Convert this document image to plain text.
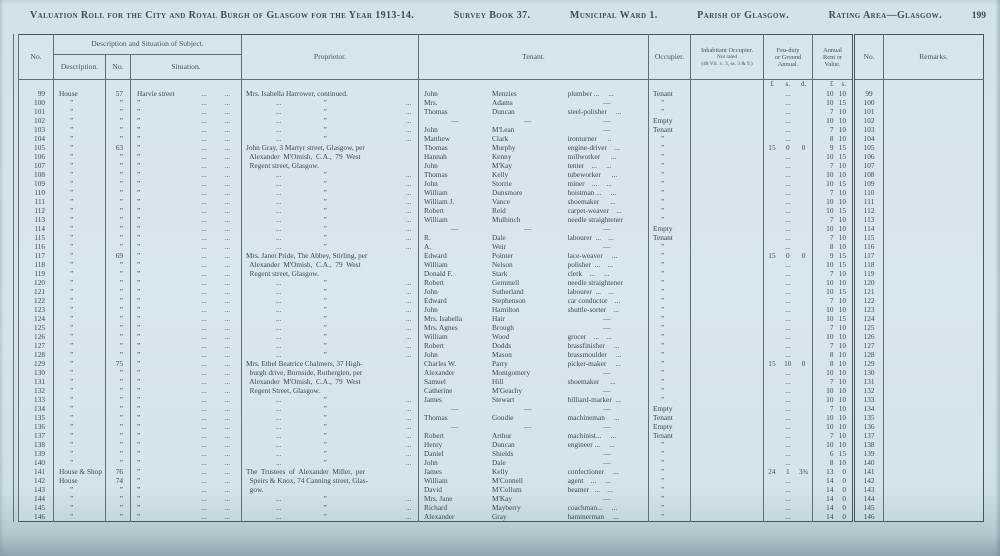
Valuation Roll for the City and Royal Burgh of Glasgow for the Year 1913-14.	Survey Book 37.	Municipal Ward 1.	Parish of Glasgow.	Rating Area—Glasgow.	199
No.	Description and Situation of Subject.			Proprietor.	Tenant.	Occupier.	Inhabitant Occupier.
Not rated
(48 Vic. c. 3, ss. 3 & 9.)	Feu-duty
or Ground
Annual.	Annual
Rent or
Value.	No.	Remarks.
	Description.	No.	Situation.								
								£ s. d.	£ s.		
99	House	57	Harvie street ... ...	Mrs. Isabella Harrower, continued.	John Menzies plumber ...     ...	Tenant		...	10 10	99	
100	”	”	” ... ...	... ” ...	Mrs. Adams —	”		...	10 15	100	
101	”	”	” ... ...	... ” ...	Thomas Duncan steel-polisher     ...	”		...	7 10	101	
102	”	”	” ... ...	... ” ...	— — —	Empty		...	10 10	102	
103	”	”	” ... ...	... ” ...	John M'Lean —	Tenant		...	7 10	103	
104	”	”	” ... ...	... ” ...	Matthew Clark ironturner      ..	”		...	8 10	104	
105	”	63	” ... ...	John Gray, 3 Martyr street, Glasgow, per	Thomas Murphy engine-driver    ...	”		15 0 0	9 15	105	
106	”	”	” ... ...	Alexander  M'Omish,  C.A.,  79  West	Hannah Kenny millworker      ...	”		...	10 15	106	
107	”	”	” ... ...	Regent street, Glasgow.	John M'Kay tenter    ...     ...	”		...	7 10	107	
108	”	”	” ... ...	... ” ...	Thomas Kelly tubeworker      ...	”		...	10 10	108	
109	”	”	” ... ...	... ” ...	John Storrie miner    ...     ...	”		...	10 15	109	
110	”	”	” ... ...	... ” ...	William Dunsmore hoistman ...     ...	”		...	7 10	110	
111	”	”	” ... ...	... ” ...	William J. Vance shoemaker      ...	”		...	10 10	111	
112	”	”	” ... ...	... ” ...	Robert Reid carpet-weaver    ...	”		...	10 15	112	
113	”	”	” ... ...	... ” ...	William Mulhinch needle straightener	”		...	7 10	113	
114	”	”	” ... ...	... ” ...	— — —	Empty		...	10 10	114	
115	”	”	” ... ...	... ” ...	R. Dale labourer  ...    ...	Tenant		...	7 10	115	
116	”	”	” ... ...	... ” ...	A. Weir —	”		...	8 10	116	
117	”	69	” ... ...	Mrs. Janet Pride, The Abbey, Stirling, per	Edward Pointer lace-weaver     ...	”		15 0 0	9 15	117	
118	”	”	” ... ...	Alexander  M'Omish,  C.A.,  79  West	William Nelson polisher  ...    ...	”		...	10 15	118	
119	”	”	” ... ...	Regent street, Glasgow.	Donald F. Stark clerk    ...     ...	”		...	7 10	119	
120	”	”	” ... ...	... ” ...	Robert Gemmell needle straightener	”		...	10 10	120	
121	”	”	” ... ...	... ” ...	John Sutherland labourer  ...    ...	”		...	10 15	121	
122	”	”	” ... ...	... ” ...	Edward Stephenson car conductor    ...	”		...	7 10	122	
123	”	”	” ... ...	... ” ...	John Hamilton shuttle-sorter    ...	”		...	10 10	123	
124	”	”	” ... ...	... ” ...	Mrs. Isabella Hair —	”		...	10 15	124	
125	”	”	” ... ...	... ” ...	Mrs. Agnes Brough —	”		...	7 10	125	
126	”	”	” ... ...	... ” ...	William Wood grocer    ...    ...	”		...	10 10	126	
127	”	”	” ... ...	... ” ...	Robert Dodds brassfinisher     ...	”		...	7 10	127	
128	”	”	” ... ...	... ” ...	John Mason brassmoulder     ...	”		...	8 10	128	
129	”	75	” ... ...	Mrs. Ethel Beatrice Chalmers, 37 High-	Charles W. Parry picker-maker     ...	”		15 10 0	8 10	129	
130	”	”	” ... ...	burgh drive, Burnside, Rutherglen, per	Alexander Montgomery —	”		...	10 10	130	
131	”	”	” ... ...	Alexander  M'Omish,  C.A.,  79  West	Samuel Hill shoemaker      ...	”		...	7 10	131	
132	”	”	” ... ...	Regent Street, Glasgow.	Catherine M'Geachy —	”		...	10 10	132	
133	”	”	” ... ...	... ” ...	James Stewart billiard-marker  ...	”		...	10 10	133	
134	”	”	” ... ...	... ” ...	— — —	Empty		...	7 10	134	
135	”	”	” ... ...	... ” ...	Thomas Goudie machineman     ...	Tenant		...	10 10	135	
136	”	”	” ... ...	... ” ...	— — —	Empty		...	10 10	136	
137	”	”	” ... ...	... ” ...	Robert Arthur machinist...     ...	Tenant		...	7 10	137	
138	”	”	” ... ...	... ” ...	Henry Duncan engineer ...     ...	”		...	10 10	138	
139	”	”	” ... ...	... ” ...	Daniel Shields —	”		...	6 15	139	
140	”	”	” ... ...	... ” ...	John Dale —	”		...	8 10	140	
141	House & Shop	76	” ... ...	The  Trustees  of  Alexander  Miller,  per	James Kelly confectioner     ...	”		24 1 3¾	13 0	141	
142	House	74	” ... ...	Speirs & Knox, 74 Canning street, Glas-	William M'Connell agent    ...     ...	”		...	14 0	142	
143	”	”	” ... ...	gow.	David M'Collum beamer   ...    ...	”		...	14 0	143	
144	”	”	” ... ...	... ” ...	Mrs. Jane M'Kay —	”		...	14 0	144	
145	”	”	” ... ...	... ” ...	Richard Mayberry coachman...     ...	”		...	14 0	145	
146	”	”	” ... ...	... ” ...	Alexander Gray hammerman     ...	”		...	14 0	146	
